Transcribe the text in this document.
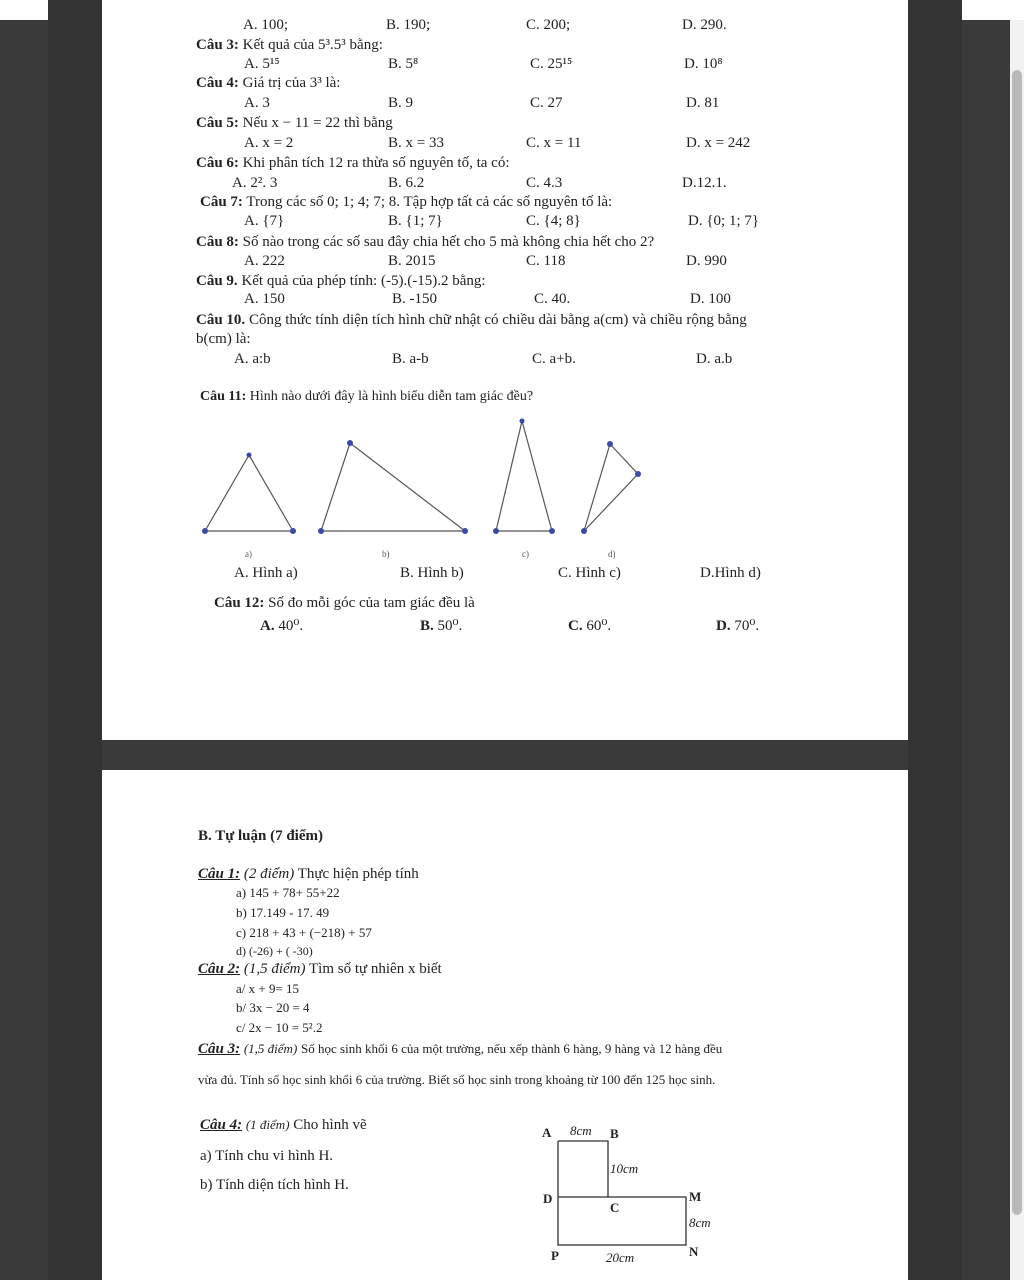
A. 100;	B. 190;	C. 200;	D. 290.
Câu 3: Kết quả của 5³.5³ bằng:
A. 5¹⁵	B. 5⁸	C. 25¹⁵	D. 10⁸
Câu 4: Giá trị của 3³ là:
A. 3	B. 9	C. 27	D. 81
Câu 5: Nếu x − 11 = 22 thì bằng
A. x = 2	B. x = 33	C. x = 11	D. x = 242
Câu 6: Khi phân tích 12 ra thừa số nguyên tố, ta có:
A. 2². 3	B. 6.2	C. 4.3	D.12.1.
Câu 7: Trong các số 0; 1; 4; 7; 8. Tập hợp tất cả các số nguyên tố là:
A. {7}	B. {1; 7}	C. {4; 8}	D. {0; 1; 7}
Câu 8: Số nào trong các số sau đây chia hết cho 5 mà không chia hết cho 2?
A. 222	B. 2015	C. 118	D. 990
Câu 9. Kết quả của phép tính: (-5).(-15).2 bằng:
A. 150	B. -150	C. 40.	D. 100
Câu 10. Công thức tính diện tích hình chữ nhật có chiều dài bằng a(cm) và chiều rộng bằng
b(cm) là:
A. a:b	B. a-b	C. a+b.	D. a.b
Câu 11: Hình nào dưới đây là hình biểu diễn tam giác đều?
a)	b)	c)	d)
A. Hình a)	B. Hình b)	C. Hình c)	D.Hình d)
Câu 12: Số đo mỗi góc của tam giác đều là
A. 40⁰.	B. 50⁰.	C. 60⁰.	D. 70⁰.
B. Tự luận (7 điểm)
Câu 1: (2 điểm) Thực hiện phép tính
a) 145 + 78+ 55+22
b) 17.149 - 17. 49
c) 218 + 43 + (−218) + 57
d) (-26) + ( -30)
Câu 2: (1,5 điểm) Tìm số tự nhiên x biết
a/ x + 9= 15
b/ 3x − 20 = 4
c/ 2x − 10 = 5².2
Câu 3: (1,5 điểm) Số học sinh khối 6 của một trường, nếu xếp thành 6 hàng, 9 hàng và 12 hàng đều
vừa đủ. Tính số học sinh khối 6 của trường. Biết số học sinh trong khoảng từ 100 đến 125 học sinh.
Câu 4: (1 điểm) Cho hình vẽ
a) Tính chu vi hình H.
b) Tính diện tích hình H.
A 8cm B
10cm
D
C
M
8cm
P	20cm	N
